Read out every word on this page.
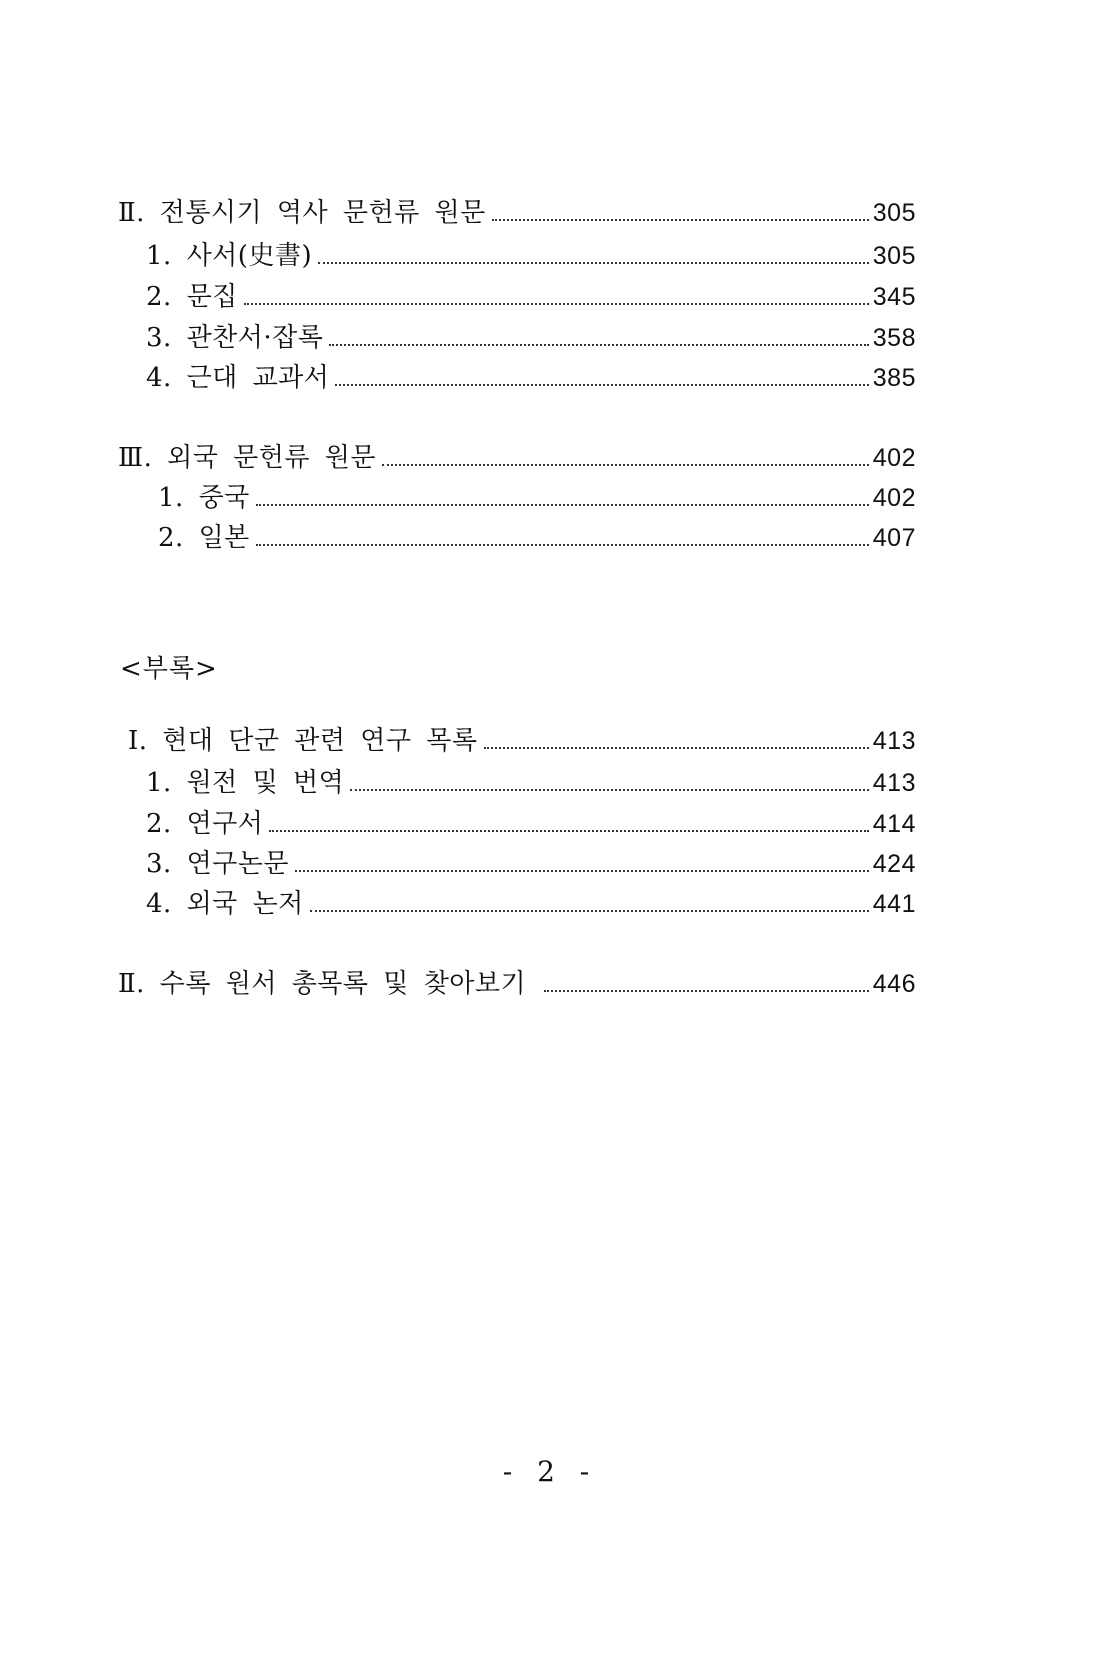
Ⅱ. 전통시기 역사 문헌류 원문	305
1. 사서(史書)	305
2. 문집	345
3. 관찬서·잡록	358
4. 근대 교과서	385
Ⅲ. 외국 문헌류 원문	402
1. 중국	402
2. 일본	407
<부록>
Ⅰ. 현대 단군 관련 연구 목록	413
1. 원전 및 번역	413
2. 연구서	414
3. 연구논문	424
4. 외국 논저	441
Ⅱ. 수록 원서 총목록 및 찾아보기	446
- 2 -
